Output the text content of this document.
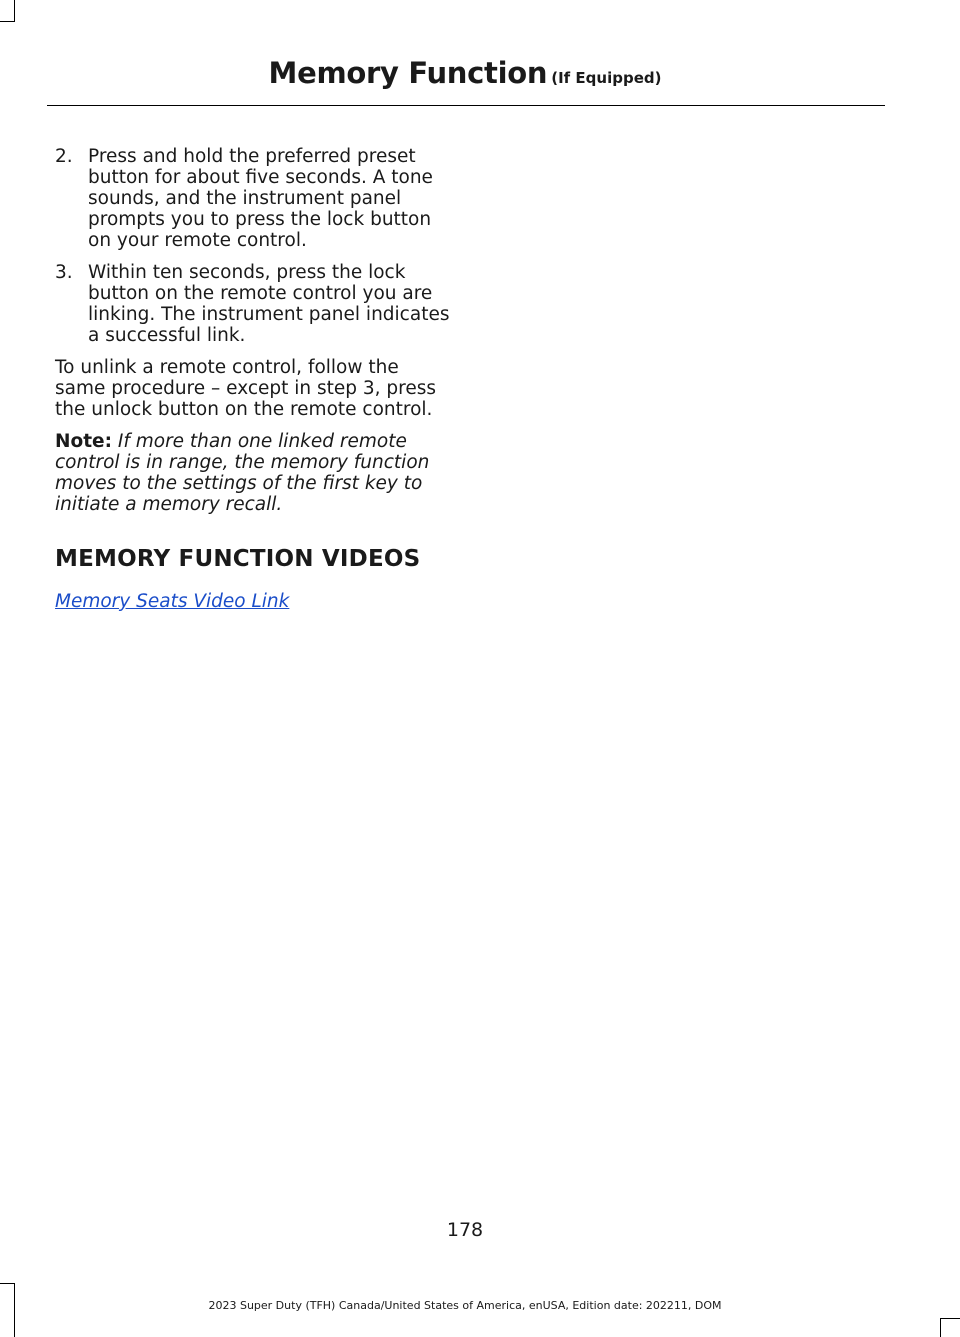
Memory Function (If Equipped)
2. Press and hold the preferred preset button for about five seconds. A tone sounds, and the instrument panel prompts you to press the lock button on your remote control.
3. Within ten seconds, press the lock button on the remote control you are linking. The instrument panel indicates a successful link.

To unlink a remote control, follow the same procedure – except in step 3, press the unlock button on the remote control.

Note: If more than one linked remote control is in range, the memory function moves to the settings of the first key to initiate a memory recall.

MEMORY FUNCTION VIDEOS
Memory Seats Video Link
178
2023 Super Duty (TFH) Canada/United States of America, enUSA, Edition date: 202211, DOM
